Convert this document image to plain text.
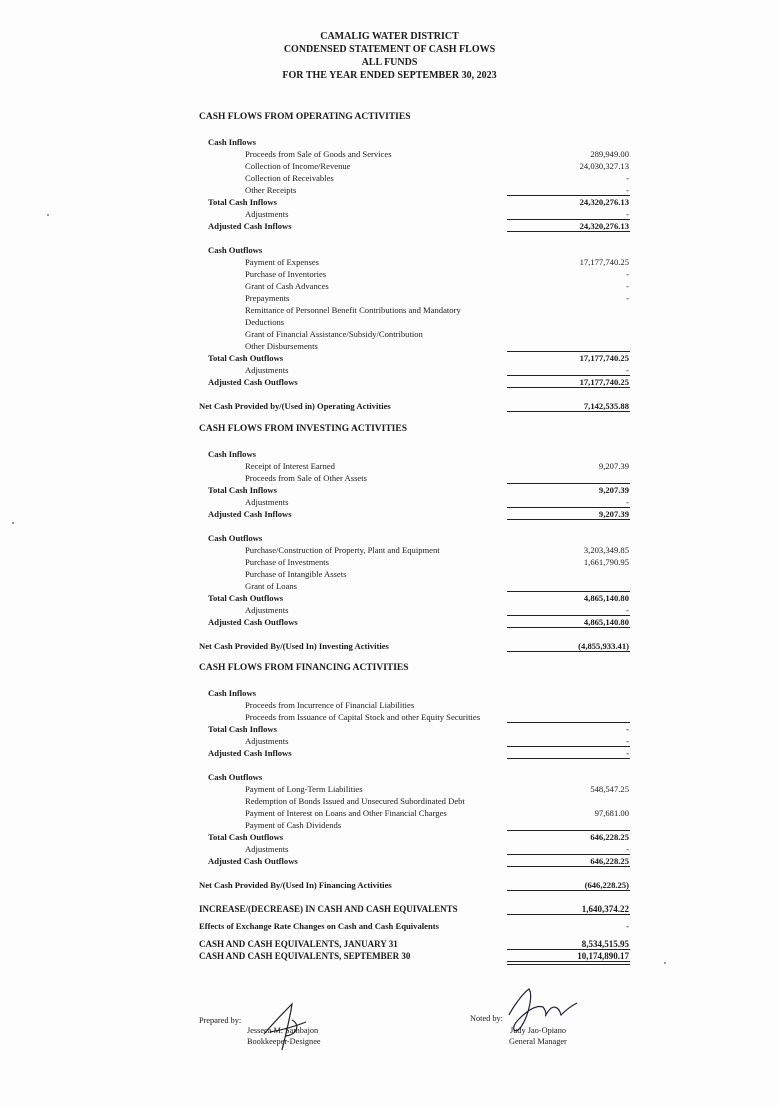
CAMALIG WATER DISTRICT
CONDENSED STATEMENT OF CASH FLOWS
ALL FUNDS
FOR THE YEAR ENDED SEPTEMBER 30, 2023
CASH FLOWS FROM OPERATING ACTIVITIES
Cash Inflows
Proceeds from Sale of Goods and Services	289,949.00
Collection of Income/Revenue	24,030,327.13
Collection of Receivables	-
Other Receipts	-
Total Cash Inflows	24,320,276.13
Adjustments	-
Adjusted Cash Inflows	24,320,276.13
Cash Outflows
Payment of Expenses	17,177,740.25
Purchase of Inventories	-
Grant of Cash Advances	-
Prepayments	-
Remittance of Personnel Benefit Contributions and Mandatory
Deductions
Grant of Financial Assistance/Subsidy/Contribution
Other Disbursements
Total Cash Outflows	17,177,740.25
Adjustments	-
Adjusted Cash Outflows	17,177,740.25
Net Cash Provided by/(Used in) Operating Activities	7,142,535.88
CASH FLOWS FROM INVESTING ACTIVITIES
Cash Inflows
Receipt of Interest Earned	9,207.39
Proceeds from Sale of Other Assets
Total Cash Inflows	9,207.39
Adjustments	-
Adjusted Cash Inflows	9,207.39
Cash Outflows
Purchase/Construction of Property, Plant and Equipment	3,203,349.85
Purchase of Investments	1,661,790.95
Purchase of Intangible Assets
Grant of Loans
Total Cash Outflows	4,865,140.80
Adjustments	-
Adjusted Cash Outflows	4,865,140.80
Net Cash Provided By/(Used In) Investing Activities	(4,855,933.41)
CASH FLOWS FROM FINANCING ACTIVITIES
Cash Inflows
Proceeds from Incurrence of Financial Liabilities
Proceeds from Issuance of Capital Stock and other Equity Securities
Total Cash Inflows	-
Adjustments	-
Adjusted Cash Inflows	-
Cash Outflows
Payment of Long-Term Liabilities	548,547.25
Redemption of Bonds Issued and Unsecured Subordinated Debt
Payment of Interest on Loans and Other Financial Charges	97,681.00
Payment of Cash Dividends
Total Cash Outflows	646,228.25
Adjustments	-
Adjusted Cash Outflows	646,228.25
Net Cash Provided By/(Used In) Financing Activities	(646,228.25)
INCREASE/(DECREASE) IN CASH AND CASH EQUIVALENTS	1,640,374.22
Effects of Exchange Rate Changes on Cash and Cash Equivalents	-
CASH AND CASH EQUIVALENTS, JANUARY 31	8,534,515.95
CASH AND CASH EQUIVALENTS, SEPTEMBER 30	10,174,890.17
Prepared by:
Jesseca M. Sambajon
Bookkeeper-Designee
Noted by:
Judy Jao-Opiano
General Manager
